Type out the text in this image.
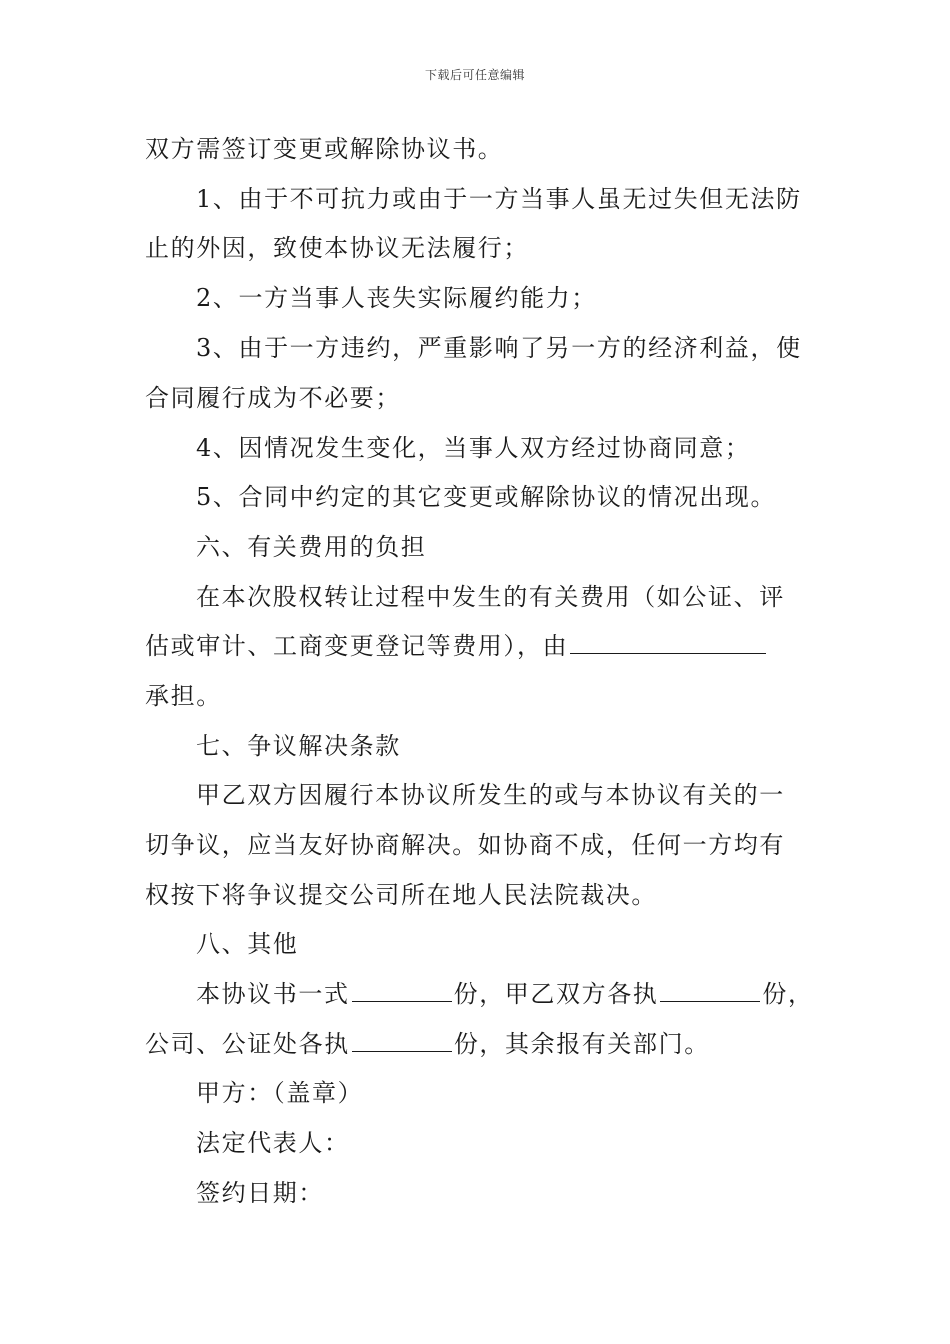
下载后可任意编辑
双方需签订变更或解除协议书。
1、由于不可抗力或由于一方当事人虽无过失但无法防
止的外因，致使本协议无法履行；
2、一方当事人丧失实际履约能力；
3、由于一方违约，严重影响了另一方的经济利益，使
合同履行成为不必要；
4、因情况发生变化，当事人双方经过协商同意；
5、合同中约定的其它变更或解除协议的情况出现。
六、有关费用的负担
在本次股权转让过程中发生的有关费用（如公证、评
估或审计、工商变更登记等费用），由
承担。
七、争议解决条款
甲乙双方因履行本协议所发生的或与本协议有关的一
切争议，应当友好协商解决。如协商不成，任何一方均有
权按下将争议提交公司所在地人民法院裁决。
八、其他
本协议书一式	份，甲乙双方各执	份，
公司、公证处各执	份，其余报有关部门。
甲方：（盖章）
法定代表人：
签约日期：
